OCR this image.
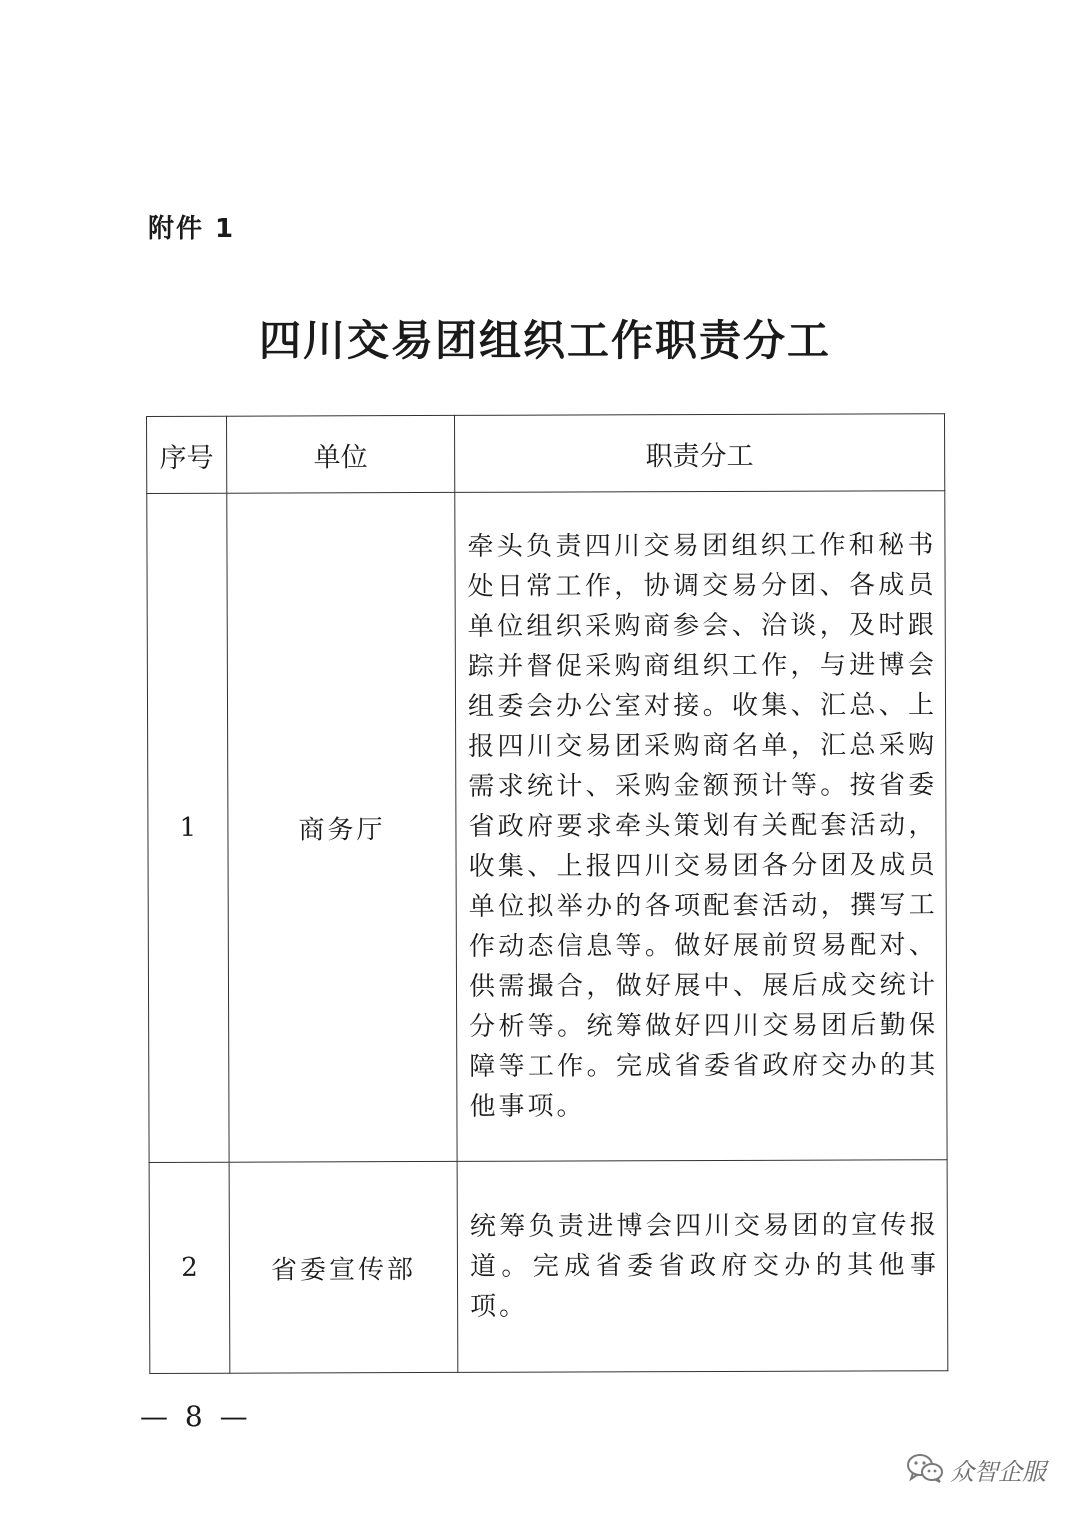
附件 1
四川交易团组织工作职责分工
序号	单位	职责分工
1	商务厅	牵头负责四川交易团组织工作和秘书处日常工作，协调交易分团、各成员单位组织采购商参会、洽谈，及时跟踪并督促采购商组织工作，与进博会组委会办公室对接。收集、汇总、上报四川交易团采购商名单，汇总采购需求统计、采购金额预计等。按省委省政府要求牵头策划有关配套活动，收集、上报四川交易团各分团及成员单位拟举办的各项配套活动，撰写工作动态信息等。做好展前贸易配对、供需撮合，做好展中、展后成交统计分析等。统筹做好四川交易团后勤保障等工作。完成省委省政府交办的其他事项。
2	省委宣传部	统筹负责进博会四川交易团的宣传报道。完成省委省政府交办的其他事项。
— 8 —
众智企服
